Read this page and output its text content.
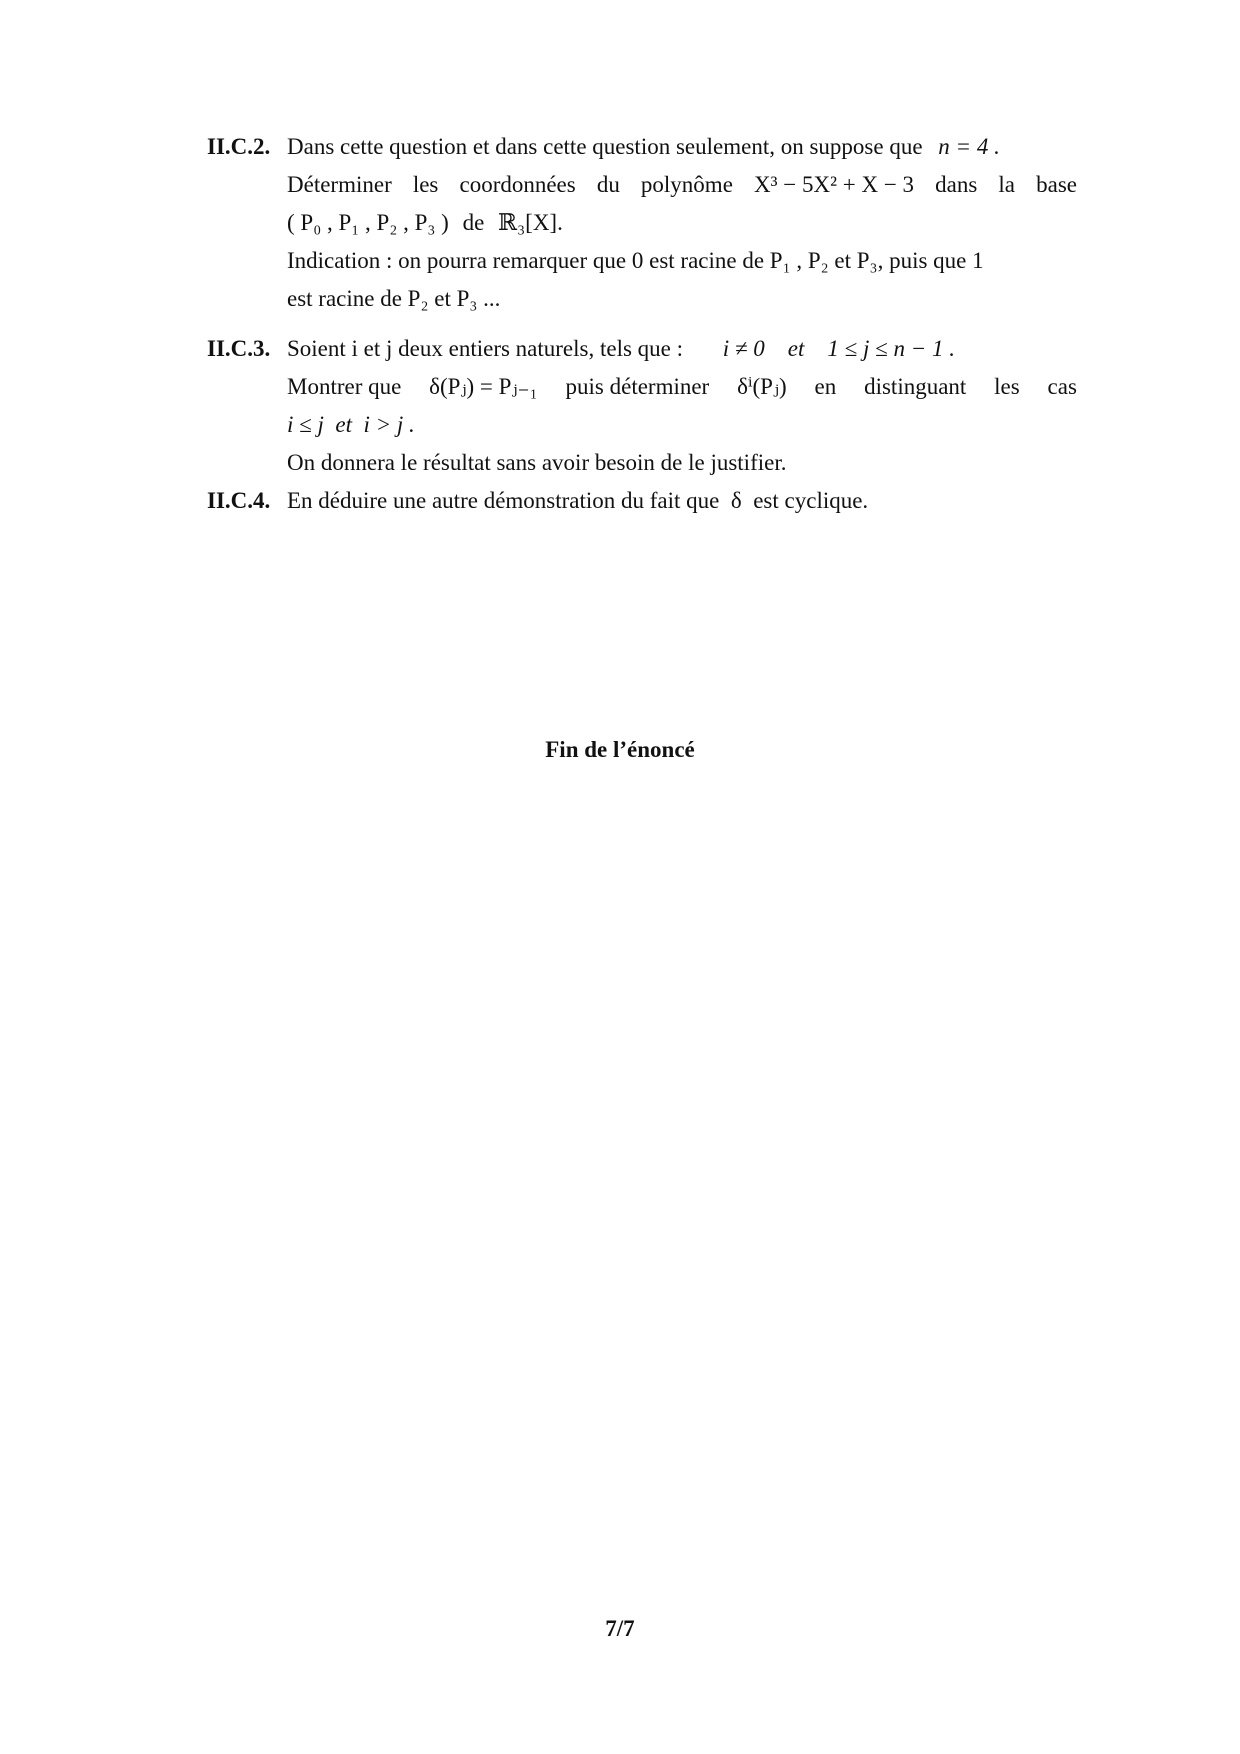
II.C.2. Dans cette question et dans cette question seulement, on suppose que n = 4 .
Déterminer les coordonnées du polynôme X³ − 5X² + X − 3 dans la base
( P₀ , P₁ , P₂ , P₃ ) de ℝ₃[X].
Indication : on pourra remarquer que 0 est racine de P₁ , P₂ et P₃, puis que 1
est racine de P₂ et P₃ ...
II.C.3. Soient i et j deux entiers naturels, tels que : i ≠ 0    et    1 ≤ j ≤ n − 1 .
Montrer que δ(Pⱼ) = Pⱼ₋₁ puis déterminer δⁱ(Pⱼ) en distinguant les cas
i ≤ j  et  i > j .
On donnera le résultat sans avoir besoin de le justifier.
II.C.4. En déduire une autre démonstration du fait que  δ  est cyclique.
Fin de l’énoncé
7/7
